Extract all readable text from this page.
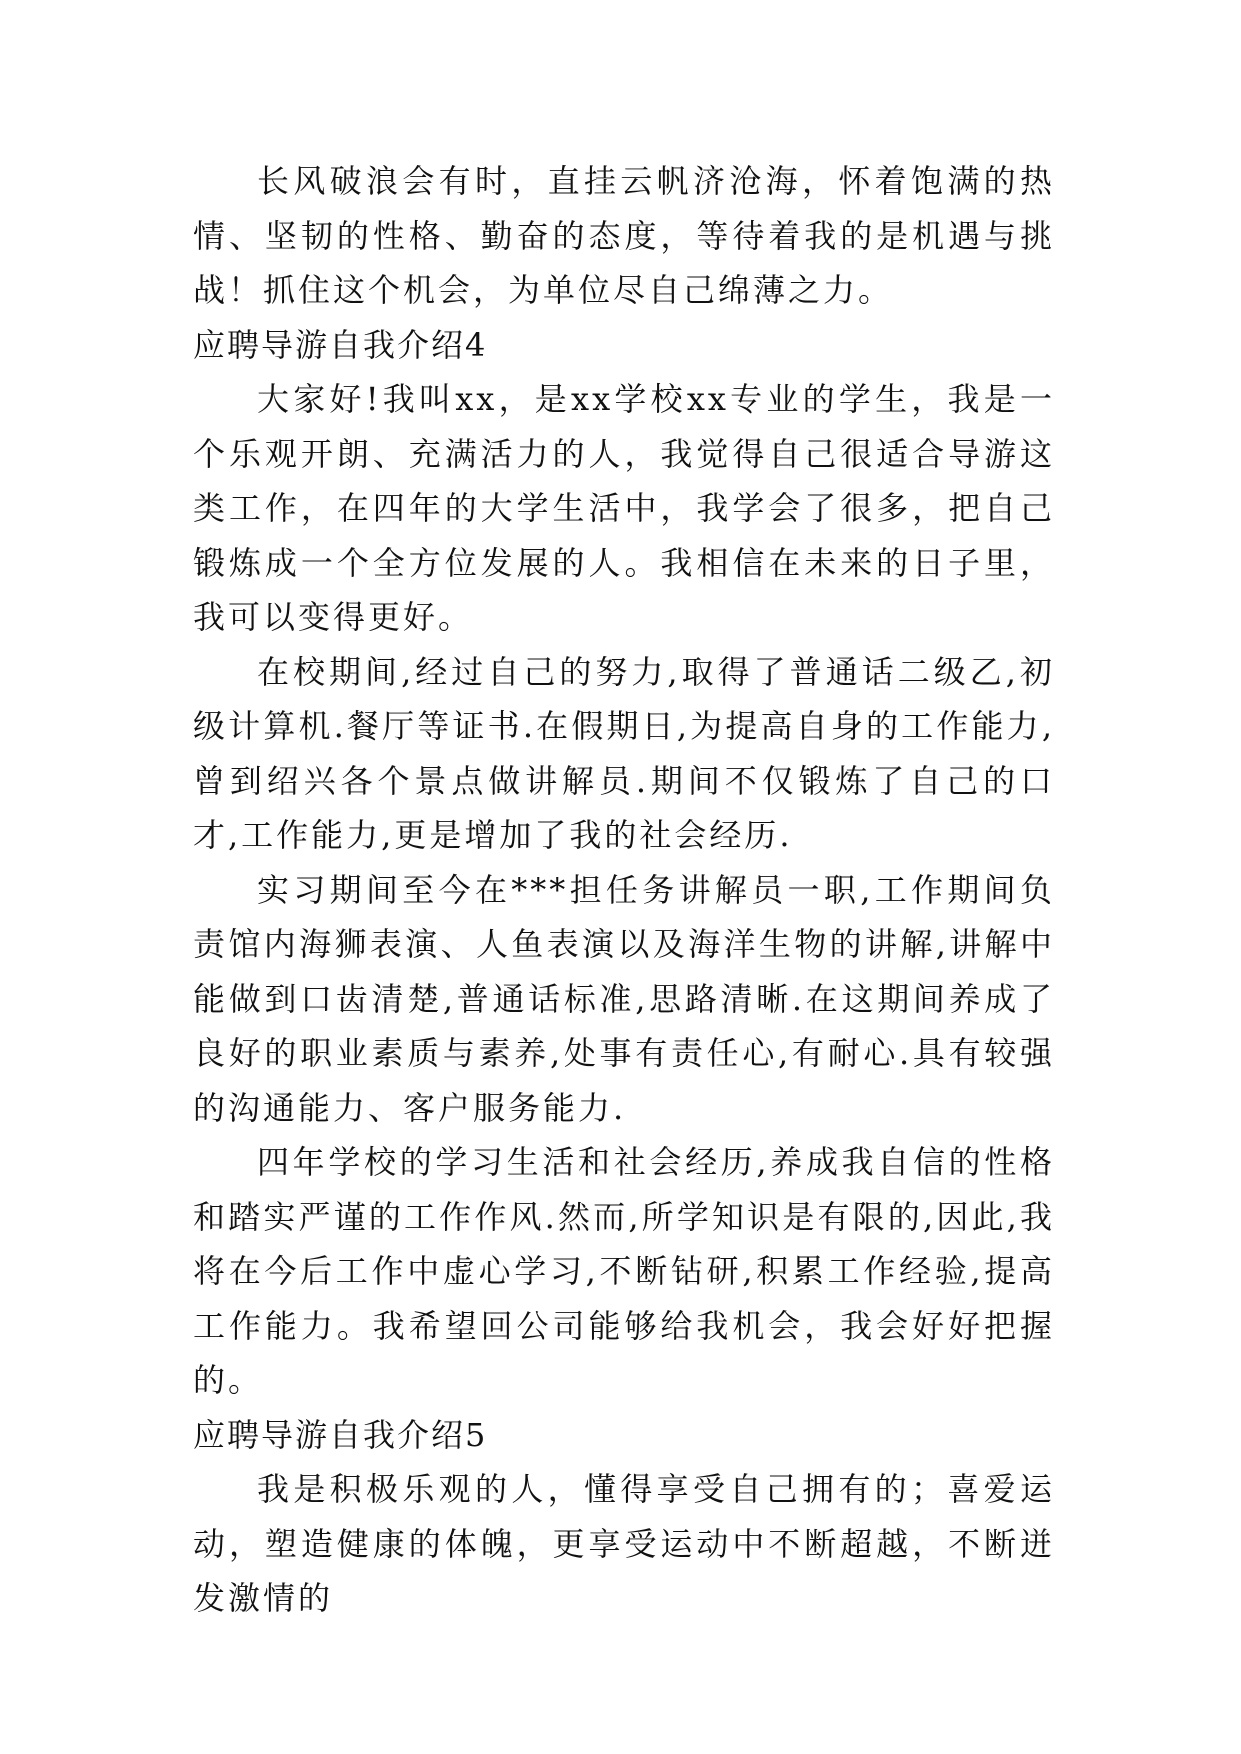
长风破浪会有时，直挂云帆济沧海，怀着饱满的热情、坚韧的性格、勤奋的态度，等待着我的是机遇与挑战！抓住这个机会，为单位尽自己绵薄之力。

应聘导游自我介绍4

大家好!我叫xx，是xx学校xx专业的学生，我是一个乐观开朗、充满活力的人，我觉得自己很适合导游这类工作，在四年的大学生活中，我学会了很多，把自己锻炼成一个全方位发展的人。我相信在未来的日子里，我可以变得更好。

在校期间,经过自己的努力,取得了普通话二级乙,初级计算机.餐厅等证书.在假期日,为提高自身的工作能力,曾到绍兴各个景点做讲解员.期间不仅锻炼了自己的口才,工作能力,更是增加了我的社会经历.

实习期间至今在***担任务讲解员一职,工作期间负责馆内海狮表演、人鱼表演以及海洋生物的讲解,讲解中能做到口齿清楚,普通话标准,思路清晰.在这期间养成了良好的职业素质与素养,处事有责任心,有耐心.具有较强的沟通能力、客户服务能力.

四年学校的学习生活和社会经历,养成我自信的性格和踏实严谨的工作作风.然而,所学知识是有限的,因此,我将在今后工作中虚心学习,不断钻研,积累工作经验,提高工作能力。我希望回公司能够给我机会，我会好好把握的。

应聘导游自我介绍5

我是积极乐观的人，懂得享受自己拥有的；喜爱运动，塑造健康的体魄，更享受运动中不断超越，不断迸发激情的
